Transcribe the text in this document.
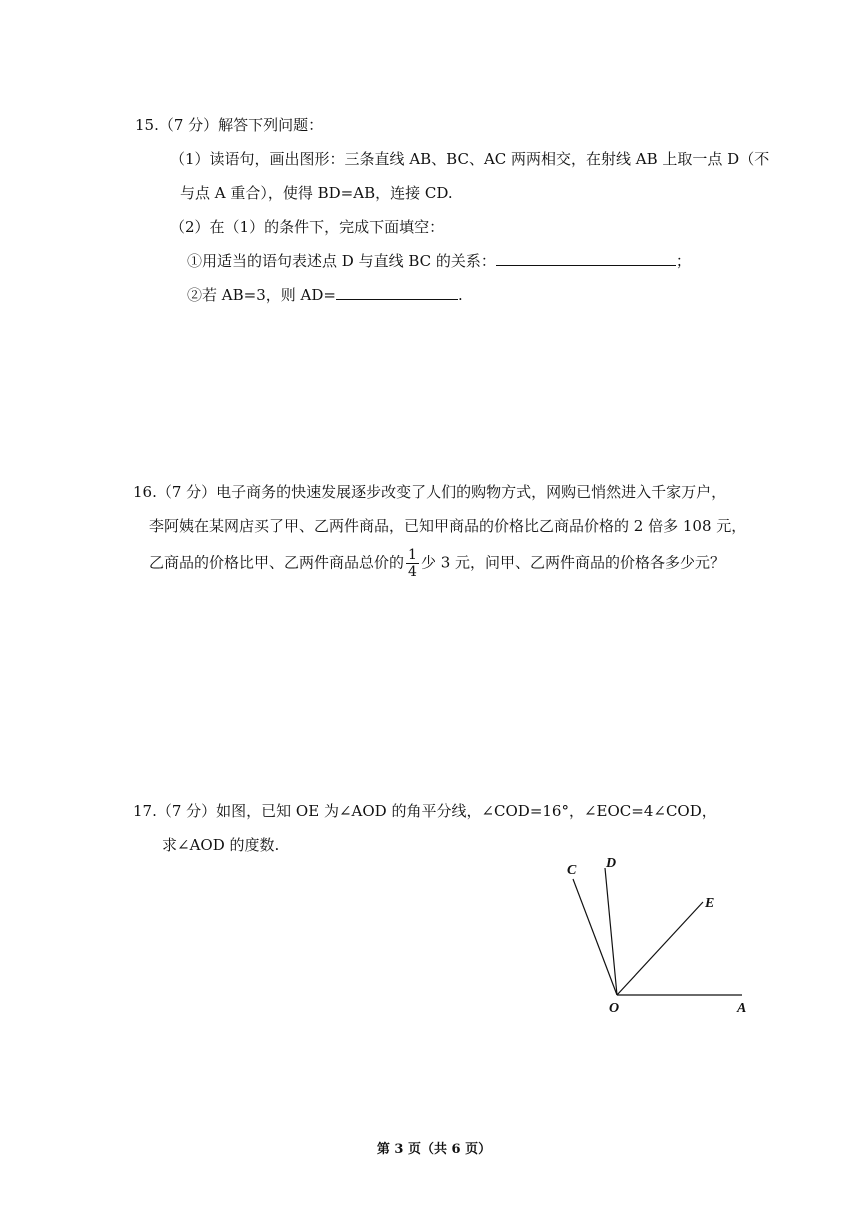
15.（7 分）解答下列问题：
（1）读语句，画出图形：三条直线 AB、BC、AC 两两相交，在射线 AB 上取一点 D（不
与点 A 重合），使得 BD=AB，连接 CD.
（2）在（1）的条件下，完成下面填空：
①用适当的语句表述点 D 与直线 BC 的关系：	；
②若 AB=3，则 AD=	.
16.（7 分）电子商务的快速发展逐步改变了人们的购物方式，网购已悄然进入千家万户，
李阿姨在某网店买了甲、乙两件商品，已知甲商品的价格比乙商品价格的 2 倍多 108 元，
乙商品的价格比甲、乙两件商品总价的 $\frac{1}{4}$ 少 3 元，问甲、乙两件商品的价格各多少元？
17.（7 分）如图，已知 OE 为∠AOD 的角平分线，∠COD=16°，∠EOC=4∠COD，
求∠AOD 的度数.
C D
E
O	A
第 3 页（共 6 页）
